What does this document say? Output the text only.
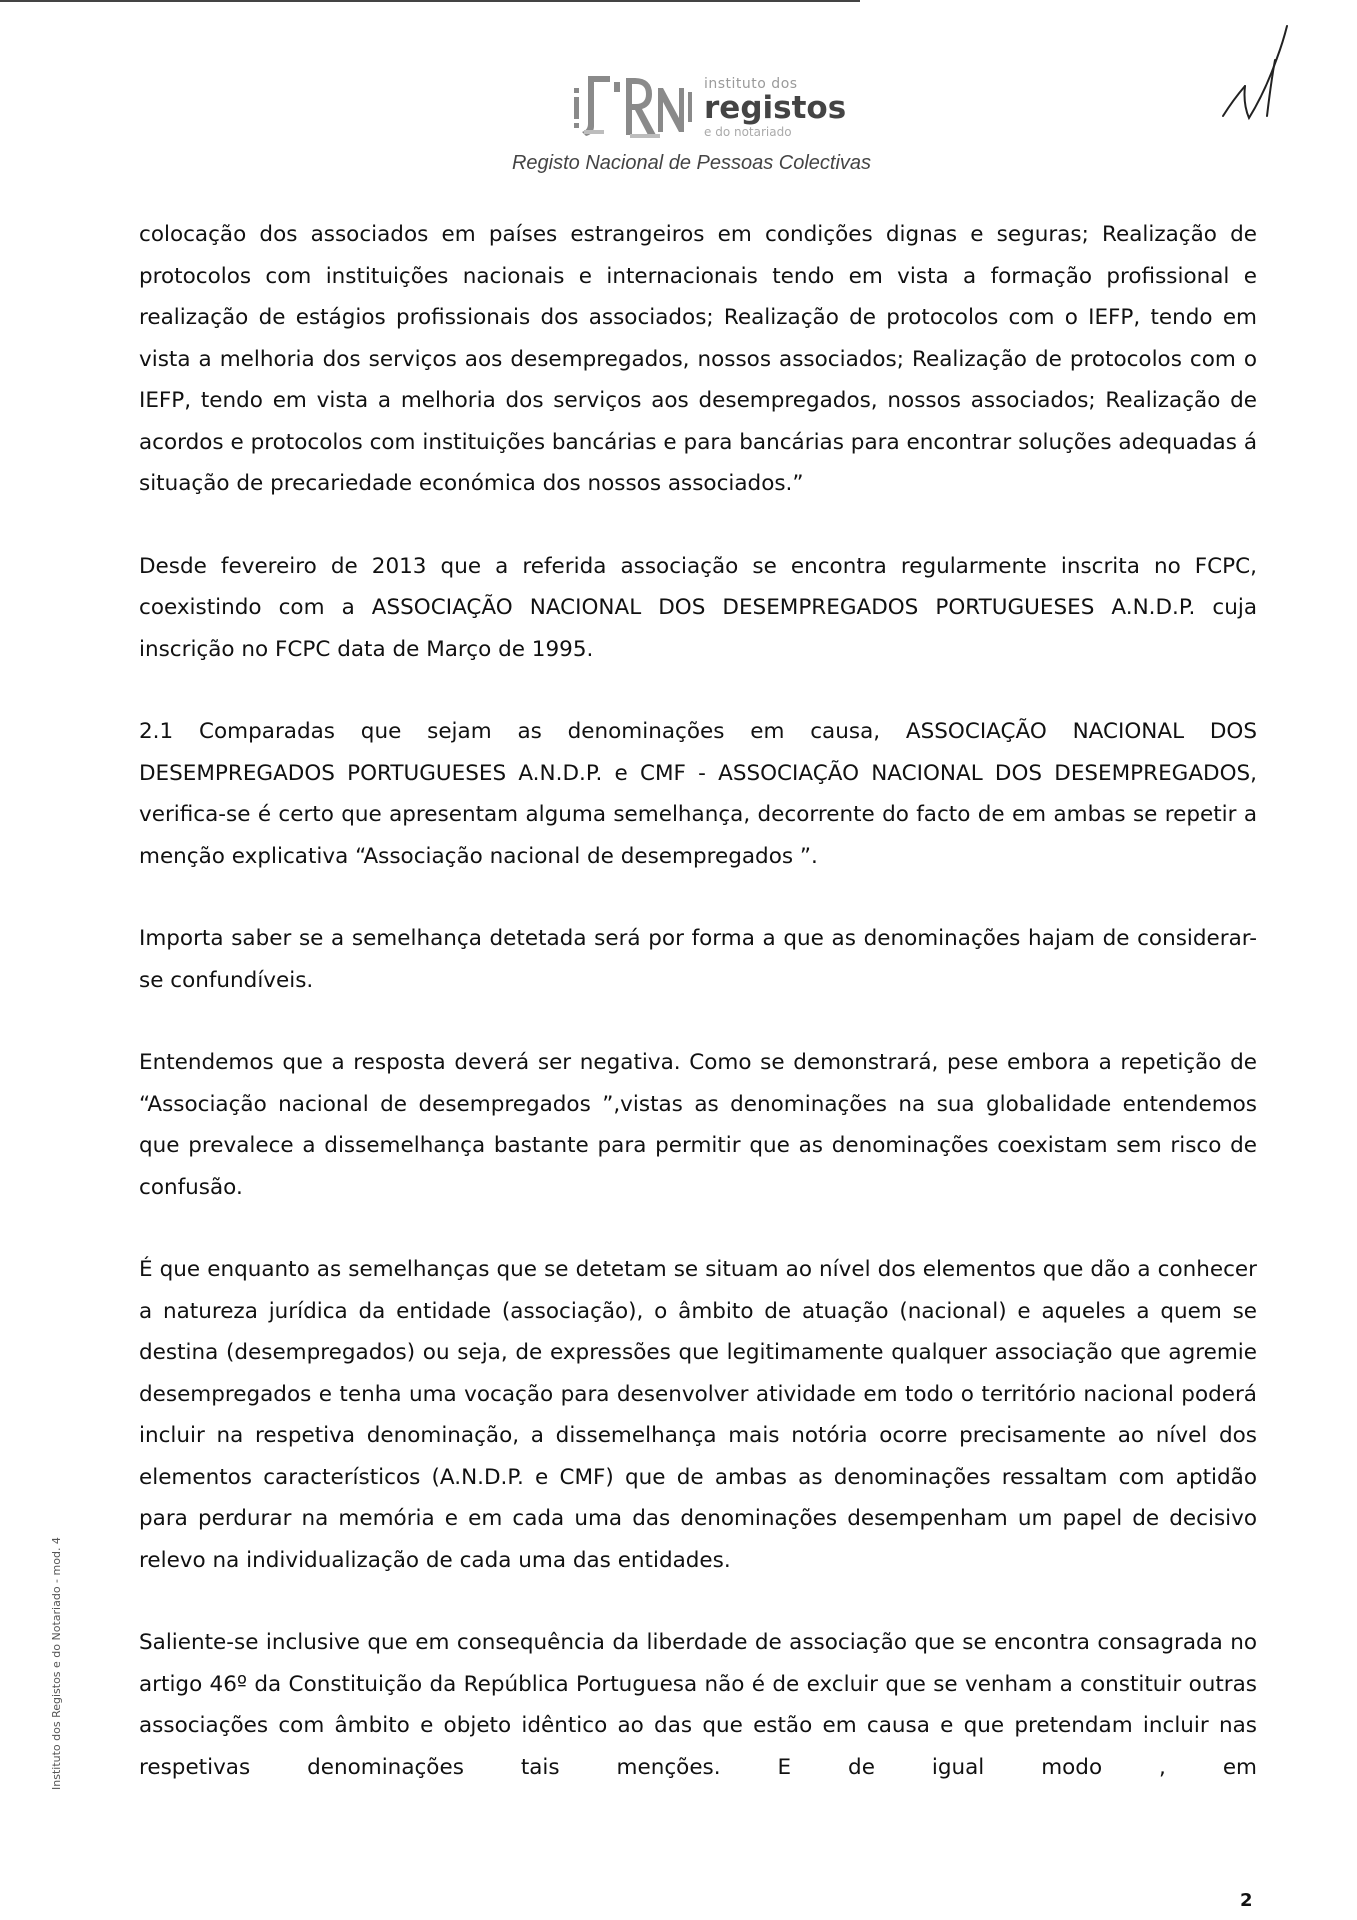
instituto dos
registos
e do notariado
Registo Nacional de Pessoas Colectivas

colocação dos associados em países estrangeiros em condições dignas e seguras; Realização de protocolos com instituições nacionais e internacionais tendo em vista a formação profissional e realização de estágios profissionais dos associados; Realização de protocolos com o IEFP, tendo em vista a melhoria dos serviços aos desempregados, nossos associados; Realização de protocolos com o IEFP, tendo em vista a melhoria dos serviços aos desempregados, nossos associados; Realização de acordos e protocolos com instituições bancárias e para bancárias para encontrar soluções adequadas á situação de precariedade económica dos nossos associados.”

Desde fevereiro de 2013 que a referida associação se encontra regularmente inscrita no FCPC, coexistindo com a ASSOCIAÇÃO NACIONAL DOS DESEMPREGADOS PORTUGUESES A.N.D.P. cuja inscrição no FCPC data de Março de 1995.

2.1 Comparadas que sejam as denominações em causa, ASSOCIAÇÃO NACIONAL DOS DESEMPREGADOS PORTUGUESES A.N.D.P. e CMF - ASSOCIAÇÃO NACIONAL DOS DESEMPREGADOS, verifica-se é certo que apresentam alguma semelhança, decorrente do facto de em ambas se repetir a menção explicativa “Associação nacional de desempregados ”.

Importa saber se a semelhança detetada será por forma a que as denominações hajam de considerar-se confundíveis.

Entendemos que a resposta deverá ser negativa. Como se demonstrará, pese embora a repetição de “Associação nacional de desempregados ”,vistas as denominações na sua globalidade entendemos que prevalece a dissemelhança bastante para permitir que as denominações coexistam sem risco de confusão.

É que enquanto as semelhanças que se detetam se situam ao nível dos elementos que dão a conhecer a natureza jurídica da entidade (associação), o âmbito de atuação (nacional) e aqueles a quem se destina (desempregados) ou seja, de expressões que legitimamente qualquer associação que agremie desempregados e tenha uma vocação para desenvolver atividade em todo o território nacional poderá incluir na respetiva denominação, a dissemelhança mais notória ocorre precisamente ao nível dos elementos característicos (A.N.D.P. e CMF) que de ambas as denominações ressaltam com aptidão para perdurar na memória e em cada uma das denominações desempenham um papel de decisivo relevo na individualização de cada uma das entidades.

Saliente-se inclusive que em consequência da liberdade de associação que se encontra consagrada no artigo 46º da Constituição da República Portuguesa não é de excluir que se venham a constituir outras associações com âmbito e objeto idêntico ao das que estão em causa e que pretendam incluir nas respetivas denominações tais menções. E de igual modo , em

Instituto dos Registos e do Notariado - mod. 4
2
